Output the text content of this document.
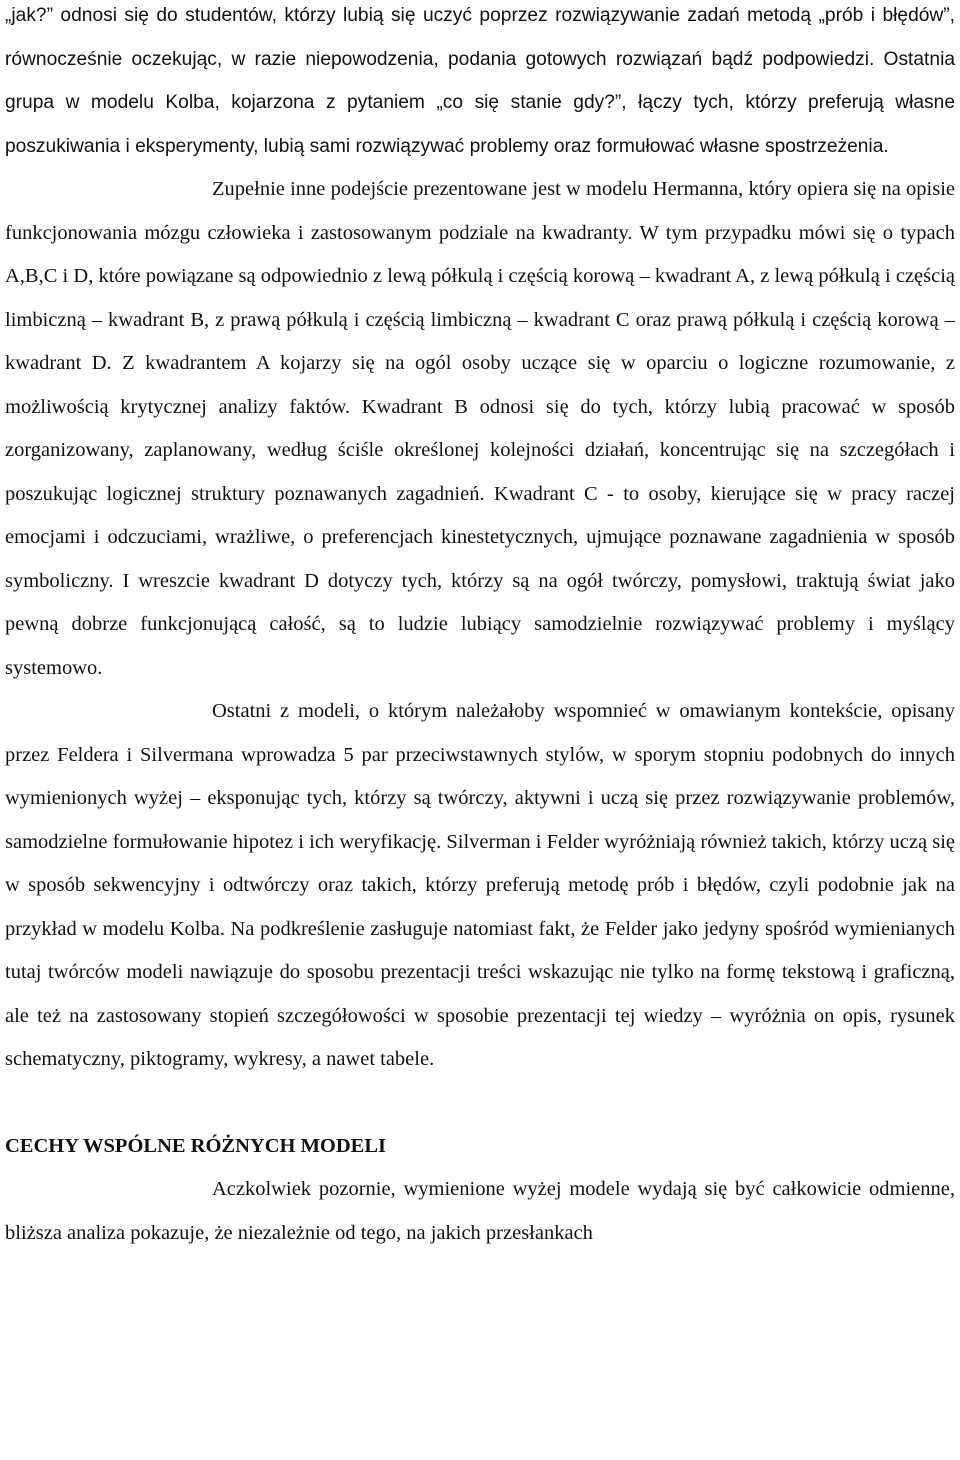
„jak?” odnosi się do studentów, którzy lubią się uczyć poprzez rozwiązywanie zadań metodą „prób i błędów”, równocześnie oczekując, w razie niepowodzenia, podania gotowych rozwiązań bądź podpowiedzi. Ostatnia grupa w modelu Kolba, kojarzona z pytaniem „co się stanie gdy?”, łączy tych, którzy preferują własne poszukiwania i eksperymenty, lubią sami rozwiązywać problemy oraz formułować własne spostrzeżenia.

Zupełnie inne podejście prezentowane jest w modelu Hermanna, który opiera się na opisie funkcjonowania mózgu człowieka i zastosowanym podziale na kwadranty. W tym przypadku mówi się o typach A,B,C i D, które powiązane są odpowiednio z lewą półkulą i częścią korową – kwadrant A, z lewą półkulą i częścią limbiczną – kwadrant B, z prawą półkulą i częścią limbiczną – kwadrant C oraz prawą półkulą i częścią korową – kwadrant D. Z kwadrantem A kojarzy się na ogól osoby uczące się w oparciu o logiczne rozumowanie, z możliwością krytycznej analizy faktów. Kwadrant B odnosi się do tych, którzy lubią pracować w sposób zorganizowany, zaplanowany, według ściśle określonej kolejności działań, koncentrując się na szczegółach i poszukując logicznej struktury poznawanych zagadnień. Kwadrant C - to osoby, kierujące się w pracy raczej emocjami i odczuciami, wrażliwe, o preferencjach kinestetycznych, ujmujące poznawane zagadnienia w sposób symboliczny. I wreszcie kwadrant D dotyczy tych, którzy są na ogół twórczy, pomysłowi, traktują świat jako pewną dobrze funkcjonującą całość, są to ludzie lubiący samodzielnie rozwiązywać problemy i myślący systemowo.

Ostatni z modeli, o którym należałoby wspomnieć w omawianym kontekście, opisany przez Feldera i Silvermana wprowadza 5 par przeciwstawnych stylów, w sporym stopniu podobnych do innych wymienionych wyżej – eksponując tych, którzy są twórczy, aktywni i uczą się przez rozwiązywanie problemów, samodzielne formułowanie hipotez i ich weryfikację. Silverman i Felder wyróżniają również takich, którzy uczą się w sposób sekwencyjny i odtwórczy oraz takich, którzy preferują metodę prób i błędów, czyli podobnie jak na przykład w modelu Kolba. Na podkreślenie zasługuje natomiast fakt, że Felder jako jedyny spośród wymienianych tutaj twórców modeli nawiązuje do sposobu prezentacji treści wskazując nie tylko na formę tekstową i graficzną, ale też na zastosowany stopień szczegółowości w sposobie prezentacji tej wiedzy – wyróżnia on opis, rysunek schematyczny, piktogramy, wykresy, a nawet tabele.

CECHY WSPÓLNE RÓŻNYCH MODELI

Aczkolwiek pozornie, wymienione wyżej modele wydają się być całkowicie odmienne, bliższa analiza pokazuje, że niezależnie od tego, na jakich przesłankach
